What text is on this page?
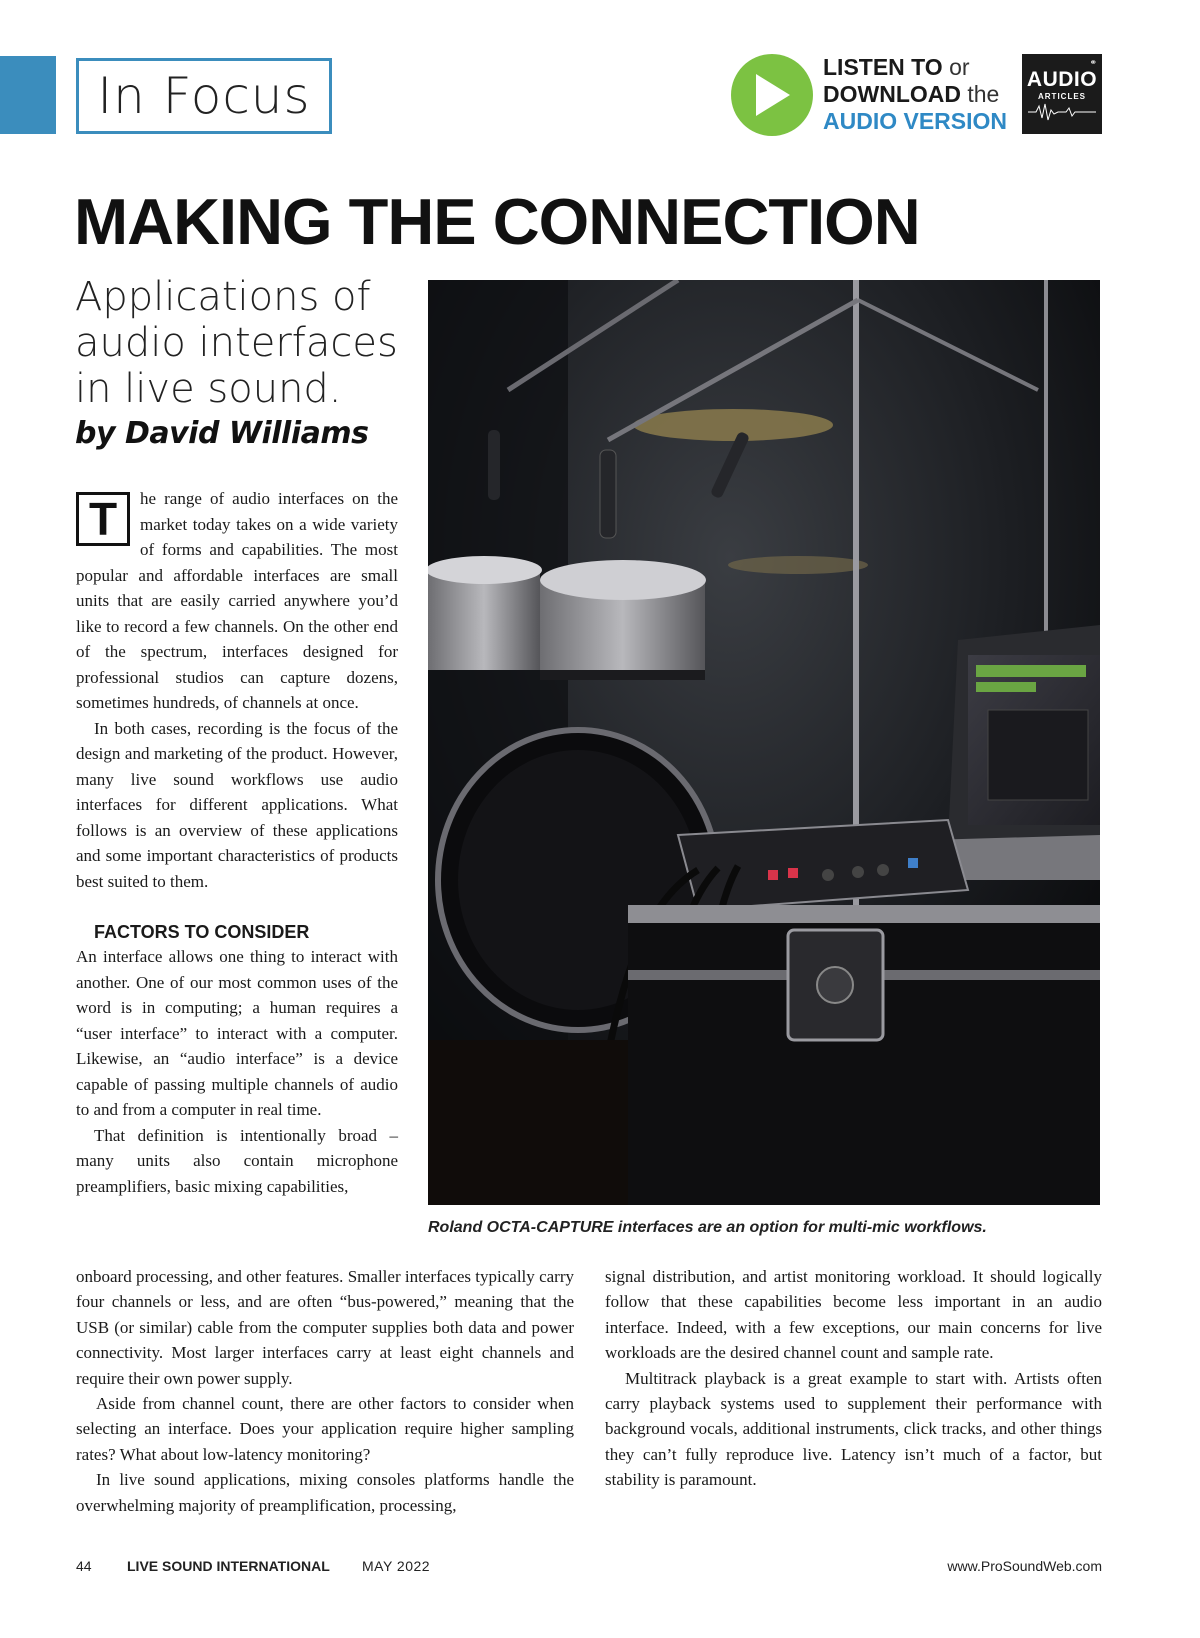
In Focus	LISTEN TO or
DOWNLOAD the
AUDIO VERSION
⚭
AUDIO
ARTICLES
MAKING THE CONNECTION
Applications of audio interfaces in live sound.
by David Williams

T	he range of audio interfaces on the market today takes on a wide variety of forms and capabilities. The most popular and affordable interfaces are small units that are easily carried anywhere you’d like to record a few channels. On the other end of the spectrum, interfaces designed for professional studios can capture dozens, sometimes hundreds, of channels at once.

In both cases, recording is the focus of the design and marketing of the product. However, many live sound workflows use audio interfaces for different applications. What follows is an overview of these applications and some important characteristics of products best suited to them.

FACTORS TO CONSIDER

An interface allows one thing to interact with another. One of our most common uses of the word is in computing; a human requires a “user interface” to interact with a computer. Likewise, an “audio interface” is a device capable of passing multiple channels of audio to and from a computer in real time.

That definition is intentionally broad – many units also contain microphone preamplifiers, basic mixing capabilities,

Roland OCTA-CAPTURE interfaces are an option for multi-mic workflows.

onboard processing, and other features. Smaller interfaces typically carry four channels or less, and are often “bus-powered,” meaning that the USB (or similar) cable from the computer supplies both data and power connectivity. Most larger interfaces carry at least eight channels and require their own power supply.

Aside from channel count, there are other factors to consider when selecting an interface. Does your application require higher sampling rates? What about low-latency monitoring?

In live sound applications, mixing consoles platforms handle the overwhelming majority of preamplification, processing,

signal distribution, and artist monitoring workload. It should logically follow that these capabilities become less important in an audio interface. Indeed, with a few exceptions, our main concerns for live workloads are the desired channel count and sample rate.

Multitrack playback is a great example to start with. Artists often carry playback systems used to supplement their performance with background vocals, additional instruments, click tracks, and other things they can’t fully reproduce live. Latency isn’t much of a factor, but stability is paramount.

44	LIVE SOUND INTERNATIONAL MAY 2022	www.ProSoundWeb.com
